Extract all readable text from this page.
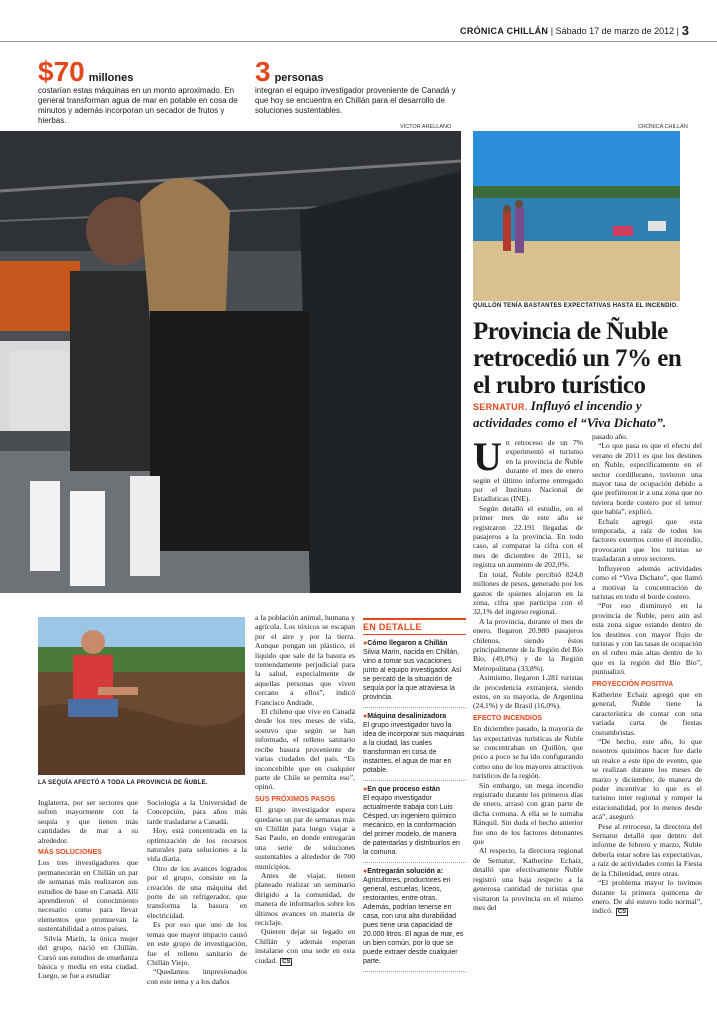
CRÓNICA CHILLÁN | Sábado 17 de marzo de 2012 | 3
$70 millones
costarían estas máquinas en un monto aproximado. En general transforman agua de mar en potable en cosa de minutos y además incorporan un secador de frutos y hierbas.
3 personas
integran el equipo investigador proveniente de Canadá y que hoy se encuentra en Chillán para el desarrollo de soluciones sustentables.
VÍCTOR ARELLANO	CRÓNICA CHILLÁN
QUILLÓN TENÍA BASTANTES EXPECTATIVAS HASTA EL INCENDIO.
Provincia de Ñuble retrocedió un 7% en el rubro turístico
SERNATUR. Influyó el incendio y actividades como el “Viva Dichato”.
LA SEQUÍA AFECTÓ A TODA LA PROVINCIA DE ÑUBLE.

Inglaterra, por ser sectores que sufren mayormente con la sequía y que tienen más cantidades de mar a su alrededor.

MÁS SOLUCIONES

Los tres investigadores que permanecerán en Chillán un par de semanas más realizaron sus estudios de base en Canadá. Allí aprendieron el conocimiento necesario como para llevar elementos que promuevan la sustentabilidad a otros países.

Silvia Marín, la única mujer del grupo, nació en Chillán. Cursó sus estudios de enseñanza básica y media en esta ciudad. Luego, se fue a estudiar

Sociología a la Universidad de Concepción, para años más tarde trasladarse a Canadá.

Hoy, está concentrada en la optimización de los recursos naturales para soluciones a la vida diaria.

Otro de los avances logrados por el grupo, consiste en la creación de una máquina del porte de un refrigerador, que transforma la basura en electricidad.

Es por eso que uno de los temas que mayor impacto causó en este grupo de investigación, fue el relleno sanitario de Chillán Viejo.

“Quedamos impresionados con este tema y a los daños

a la población animal, humana y agrícola. Los tóxicos se escapan por el aire y por la tierra. Aunque pongan un plástico, el líquido que sale de la basura es tremendamente perjudicial para la salud, especialmente de aquellas personas que viven cercano a ellos”, indicó Francisco Andrade.

El chileno que vive en Canadá desde los tres meses de vida, sostuvo que según se han informado, el relleno sanitario recibe basura proveniente de varias ciudades del país. “Es inconcebible que en cualquier parte de Chile se permita eso”, opinó.

SUS PRÓXIMOS PASOS

El grupo investigador espera quedarse un par de semanas más en Chillán para luego viajar a Sao Paulo, en donde entregarán una serie de soluciones sustentables a alrededor de 700 municipios.

Antes de viajar, tienen planeado realizar un seminario dirigido a la comunidad, de manera de informarlos sobre los últimos avances en materia de reciclaje.

Quieren dejar su legado en Chillán y además esperan instalarse con una sede en esta ciudad. CS

EN DETALLE
● Cómo llegaron a Chillán
Silvia Marín, nacida en Chillán, vino a tomar sus vacaciones junto al equipo investigador. Así se percató de la situación de sequía por la que atraviesa la provincia.
● Máquina desalinizadora
El grupo investigador tuvo la idea de incorporar sus máquinas a la ciudad, las cuales transforman en cosa de instantes, el agua de mar en potable.
● En que proceso están
El equipo investigador actualmente trabaja con Luis Césped, un ingeniero químico mecánico, en la conformación del primer modelo, de manera de patentarlas y distribuirlos en la comuna.
● Entregarán solución a:
Agricultores, productores en general, escuelas, liceos, restorantes, entre otras. Además, podrían tenerse en casa, con una alta durabilidad pues tiene una capacidad de 20.000 litros. El agua de mar, es un bien común, por lo que se puede extraer desde cualquier parte.

Un retroceso de un 7% experimentó el turismo en la provincia de Ñuble durante el mes de enero según el último informe entregado por el Instituto Nacional de Estadísticas (INE).

Según detalló el estudio, en el primer mes de este año se registraron 22.191 llegadas de pasajeros a la provincia. En todo caso, al comparar la cifra con el mes de diciembre de 2011, se registra un aumento de 202,0%.

En total, Ñuble percibió 824,8 millones de pesos, generado por los gastos de quienes alojaron en la zona, cifra que participa con el 32,1% del ingreso regional.

A la provincia, durante el mes de enero, llegaron 20.980 pasajeros chilenos, siendo éstos principalmente de la Región del Bío Bío, (49,0%) y de la Región Metropolitana (33,8%).

Asimismo, llegaron 1.281 turistas de procedencia extranjera, siendo estos, en su mayoría, de Argentina (24,1%) y de Brasil (16,0%).

EFECTO INCENDIOS

En diciembre pasado, la mayoría de las expectativas turísticas de Ñuble se concentraban en Quillón, que poco a poco se ha ido configurando como uno de los mayores atractivos turísticos de la región.

Sin embargo, un mega incendio registrado durante los primeros días de enero, arrasó con gran parte de dicha comuna. A ella se le sumaba Ránquil. Sin duda el hecho anterior fue uno de los factores detonantes que

Al respecto, la directora regional de Sernatur, Katherine Echaíz, detalló que efectivamente Ñuble registró una baja respecto a la generosa cantidad de turistas que visitaron la provincia en el mismo mes del

pasado año.

“Lo que pasa es que el efecto del verano de 2011 es que los destinos en Ñuble, específicamente en el sector cordillerano, tuvieron una mayor tasa de ocupación debido a que prefirieron ir a una zona que no tuviera borde costero por el temor que había”, explicó.

Echaíz agregó que esta temporada, a raíz de todos los factores externos como el incendio, provocaron que los turistas se trasladaran a otros sectores.

Influyeron además actividades como el “Viva Dichato”, que llamó a motivar la concentración de turistas en todo el borde costero.

“Por eso disminuyó en la provincia de Ñuble, pero aún así esta zona sigue estando dentro de los destinos con mayor flujo de turistas y con las tasas de ocupación en el rubro más altas dentro de lo que es la región del Bío Bío”, puntualizó.

PROYECCIÓN POSITIVA

Katherine Echaíz agregó que en general, Ñuble tiene la característica de contar con una variada carta de fiestas costumbristas.

“De hecho, este año, lo que nosotros quisimos hacer fue darle un realce a este tipo de evento, que se realizan durante los meses de marzo y diciembre, de manera de poder incentivar lo que es el turismo inter regional y romper la estacionalidad, por lo menos desde acá”, aseguró.

Pese al retroceso, la directora del Sernatur detalló que dentro del informe de febrero y marzo, Ñuble debería estar sobre las expectativas, a raíz de actividades como la Fiesta de la Chilenidad, entre otras.

“El problema mayor lo tuvimos durante la primera quincena de enero. De ahí estuvo todo normal”, indicó. CS
